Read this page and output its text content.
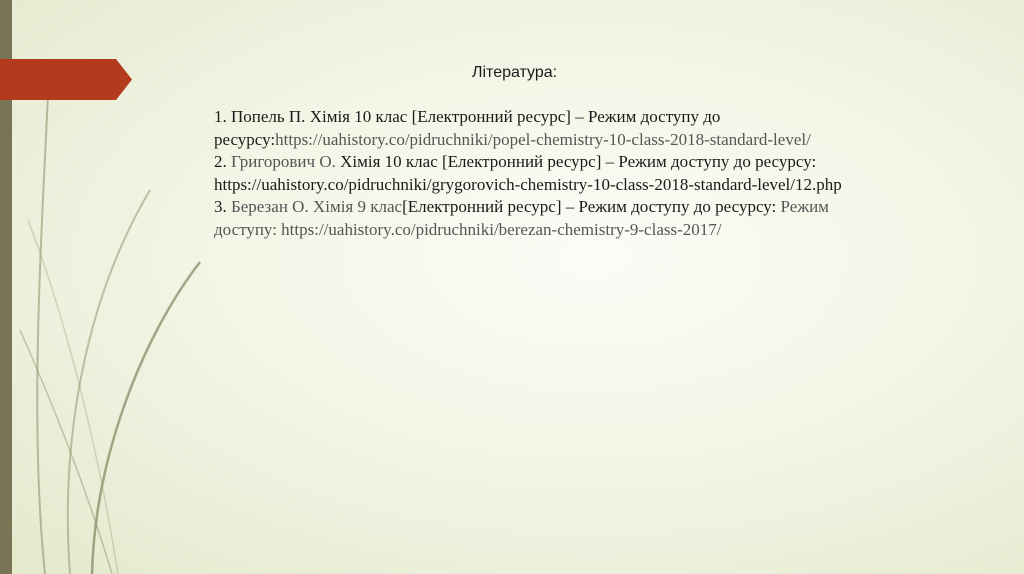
Література:

1. Попель П. Хімія 10 клас [Електронний ресурс] – Режим доступу до ресурсу:https://uahistory.co/pidruchniki/popel-chemistry-10-class-2018-standard-level/

2. Григорович О. Хімія 10 клас [Електронний ресурс] – Режим доступу до ресурсу: https://uahistory.co/pidruchniki/grygorovich-chemistry-10-class-2018-standard-level/12.php

3. Березан О. Хімія 9 клас[Електронний ресурс] – Режим доступу до ресурсу: Режим доступу: https://uahistory.co/pidruchniki/berezan-chemistry-9-class-2017/
